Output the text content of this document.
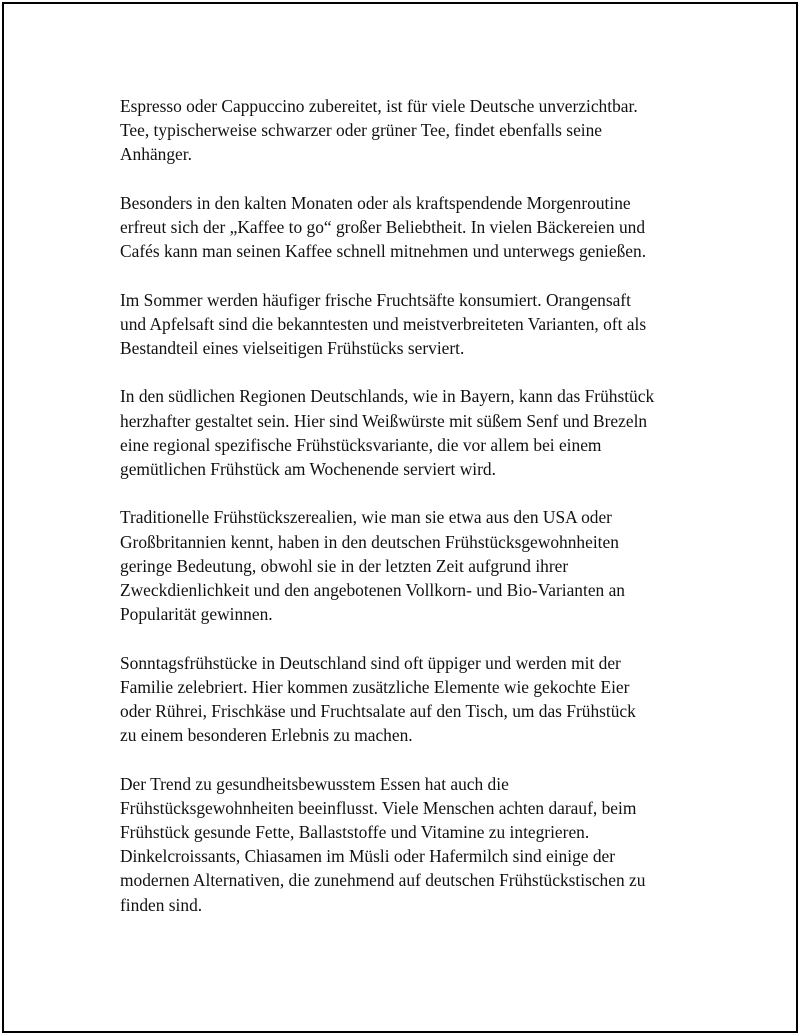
Espresso oder Cappuccino zubereitet, ist für viele Deutsche unverzichtbar.
Tee, typischerweise schwarzer oder grüner Tee, findet ebenfalls seine
Anhänger.

Besonders in den kalten Monaten oder als kraftspendende Morgenroutine
erfreut sich der „Kaffee to go“ großer Beliebtheit. In vielen Bäckereien und
Cafés kann man seinen Kaffee schnell mitnehmen und unterwegs genießen.

Im Sommer werden häufiger frische Fruchtsäfte konsumiert. Orangensaft
und Apfelsaft sind die bekanntesten und meistverbreiteten Varianten, oft als
Bestandteil eines vielseitigen Frühstücks serviert.

In den südlichen Regionen Deutschlands, wie in Bayern, kann das Frühstück
herzhafter gestaltet sein. Hier sind Weißwürste mit süßem Senf und Brezeln
eine regional spezifische Frühstücksvariante, die vor allem bei einem
gemütlichen Frühstück am Wochenende serviert wird.

Traditionelle Frühstückszerealien, wie man sie etwa aus den USA oder
Großbritannien kennt, haben in den deutschen Frühstücksgewohnheiten
geringe Bedeutung, obwohl sie in der letzten Zeit aufgrund ihrer
Zweckdienlichkeit und den angebotenen Vollkorn- und Bio-Varianten an
Popularität gewinnen.

Sonntagsfrühstücke in Deutschland sind oft üppiger und werden mit der
Familie zelebriert. Hier kommen zusätzliche Elemente wie gekochte Eier
oder Rührei, Frischkäse und Fruchtsalate auf den Tisch, um das Frühstück
zu einem besonderen Erlebnis zu machen.

Der Trend zu gesundheitsbewusstem Essen hat auch die
Frühstücksgewohnheiten beeinflusst. Viele Menschen achten darauf, beim
Frühstück gesunde Fette, Ballaststoffe und Vitamine zu integrieren.
Dinkelcroissants, Chiasamen im Müsli oder Hafermilch sind einige der
modernen Alternativen, die zunehmend auf deutschen Frühstückstischen zu
finden sind.
